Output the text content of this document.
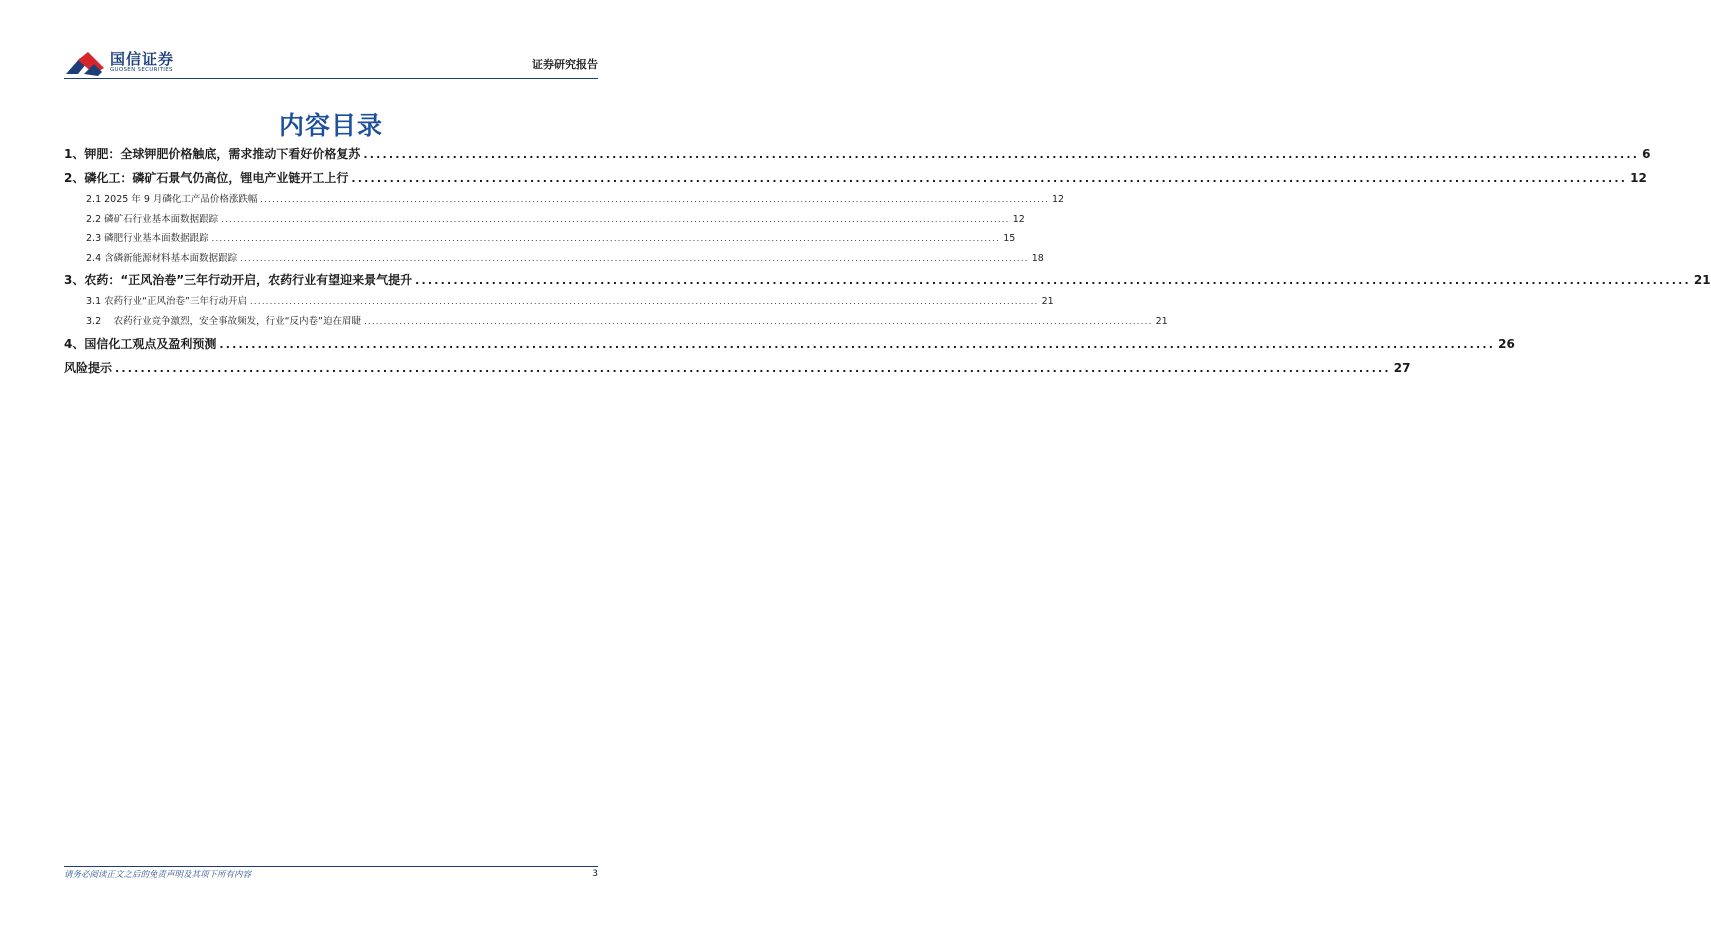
国信证券
GUOSEN SECURITIES	证券研究报告
内容目录
1、钾肥：全球钾肥价格触底，需求推动下看好价格复苏 ........................................................................................................................................................................................................ 6
2、磷化工：磷矿石景气仍高位，锂电产业链开工上行 ........................................................................................................................................................................................................ 12
2.1 2025 年 9 月磷化工产品价格涨跌幅 ........................................................................................................................................................................................................ 12
2.2 磷矿石行业基本面数据跟踪 ........................................................................................................................................................................................................ 12
2.3 磷肥行业基本面数据跟踪 ........................................................................................................................................................................................................ 15
2.4 含磷新能源材料基本面数据跟踪 ........................................................................................................................................................................................................ 18
3、农药：“正风治卷”三年行动开启，农药行业有望迎来景气提升 ........................................................................................................................................................................................................ 21
3.1 农药行业“正风治卷”三年行动开启 ........................................................................................................................................................................................................ 21
3.2　 农药行业竞争激烈，安全事故频发，行业“反内卷”迫在眉睫 ........................................................................................................................................................................................................ 21
4、国信化工观点及盈利预测 ........................................................................................................................................................................................................ 26
风险提示 ........................................................................................................................................................................................................ 27
请务必阅读正文之后的免责声明及其项下所有内容	3
